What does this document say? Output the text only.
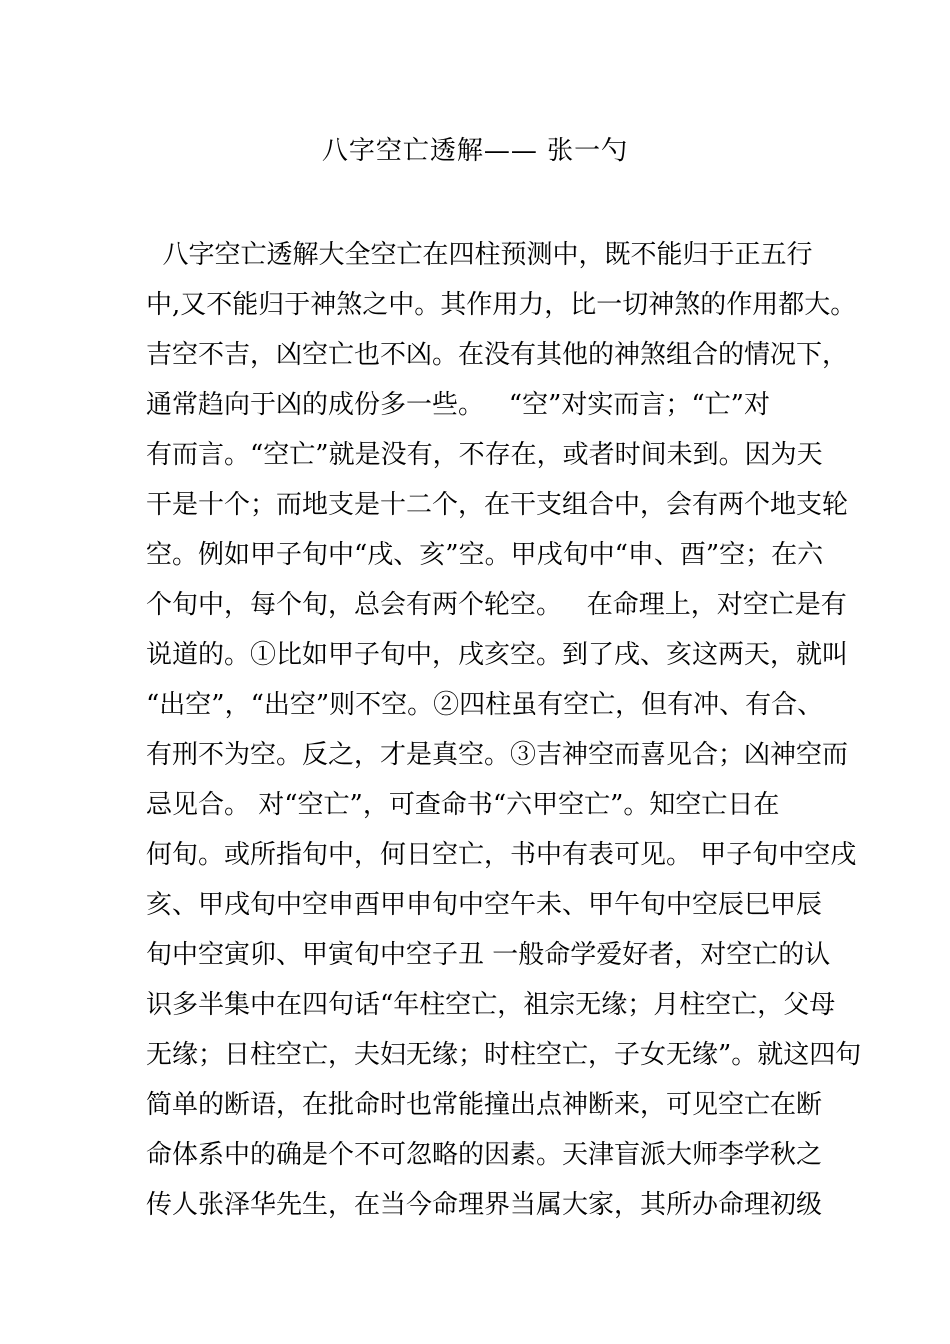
八字空亡透解—— 张一勺
八字空亡透解大全空亡在四柱预测中，既不能归于正五行
中,又不能归于神煞之中。其作用力，比一切神煞的作用都大。
吉空不吉，凶空亡也不凶。在没有其他的神煞组合的情况下，
通常趋向于凶的成份多一些。   “空”对实而言；“亡”对
有而言。“空亡”就是没有，不存在，或者时间未到。因为天
干是十个；而地支是十二个，在干支组合中，会有两个地支轮
空。例如甲子旬中“戌、亥”空。甲戌旬中“申、酉”空；在六
个旬中，每个旬，总会有两个轮空。   在命理上，对空亡是有
说道的。①比如甲子旬中，戌亥空。到了戌、亥这两天，就叫
“出空”，“出空”则不空。②四柱虽有空亡，但有冲、有合、
有刑不为空。反之，才是真空。③吉神空而喜见合；凶神空而
忌见合。 对“空亡”，可查命书“六甲空亡”。知空亡日在
何旬。或所指旬中，何日空亡，书中有表可见。 甲子旬中空戌
亥、甲戌旬中空申酉甲申旬中空午未、甲午旬中空辰巳甲辰
旬中空寅卯、甲寅旬中空子丑 一般命学爱好者，对空亡的认
识多半集中在四句话“年柱空亡，祖宗无缘；月柱空亡，父母
无缘；日柱空亡，夫妇无缘；时柱空亡，子女无缘”。就这四句
简单的断语，在批命时也常能撞出点神断来，可见空亡在断
命体系中的确是个不可忽略的因素。天津盲派大师李学秋之
传人张泽华先生，在当今命理界当属大家，其所办命理初级
